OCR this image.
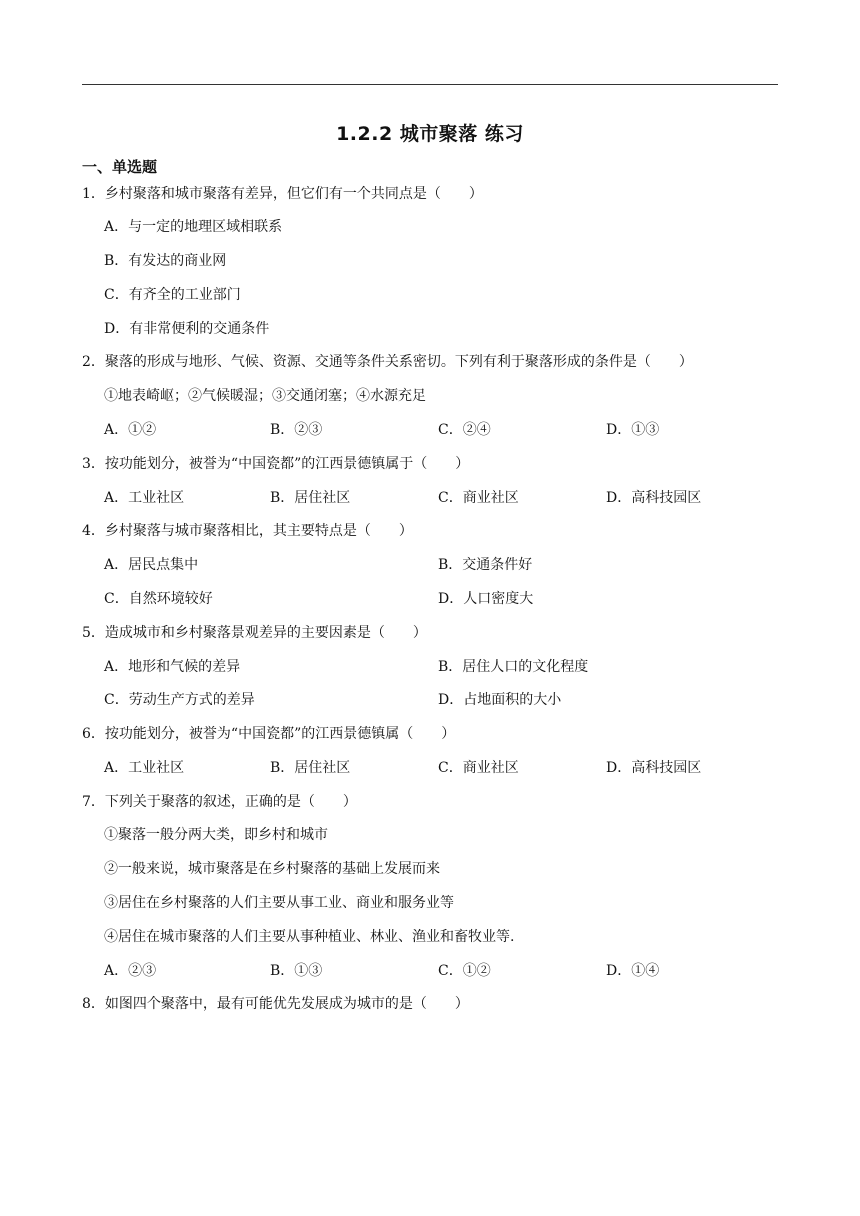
1.2.2 城市聚落 练习
一、单选题
1．乡村聚落和城市聚落有差异，但它们有一个共同点是（　　）
A．与一定的地理区域相联系
B．有发达的商业网
C．有齐全的工业部门
D．有非常便利的交通条件
2．聚落的形成与地形、气候、资源、交通等条件关系密切。下列有利于聚落形成的条件是（　　）
①地表崎岖；②气候暖湿；③交通闭塞；④水源充足
A．①②	B．②③	C．②④	D．①③
3．按功能划分，被誉为“中国瓷都”的江西景德镇属于（　　）
A．工业社区	B．居住社区	C．商业社区	D．高科技园区
4．乡村聚落与城市聚落相比，其主要特点是（　　）
A．居民点集中	B．交通条件好
C．自然环境较好	D．人口密度大
5．造成城市和乡村聚落景观差异的主要因素是（　　）
A．地形和气候的差异	B．居住人口的文化程度
C．劳动生产方式的差异	D．占地面积的大小
6．按功能划分，被誉为“中国瓷都”的江西景德镇属（　　）
A．工业社区	B．居住社区	C．商业社区	D．高科技园区
7．下列关于聚落的叙述，正确的是（　　）
①聚落一般分两大类，即乡村和城市
②一般来说，城市聚落是在乡村聚落的基础上发展而来
③居住在乡村聚落的人们主要从事工业、商业和服务业等
④居住在城市聚落的人们主要从事种植业、林业、渔业和畜牧业等.
A．②③	B．①③	C．①②	D．①④
8．如图四个聚落中，最有可能优先发展成为城市的是（　　）
